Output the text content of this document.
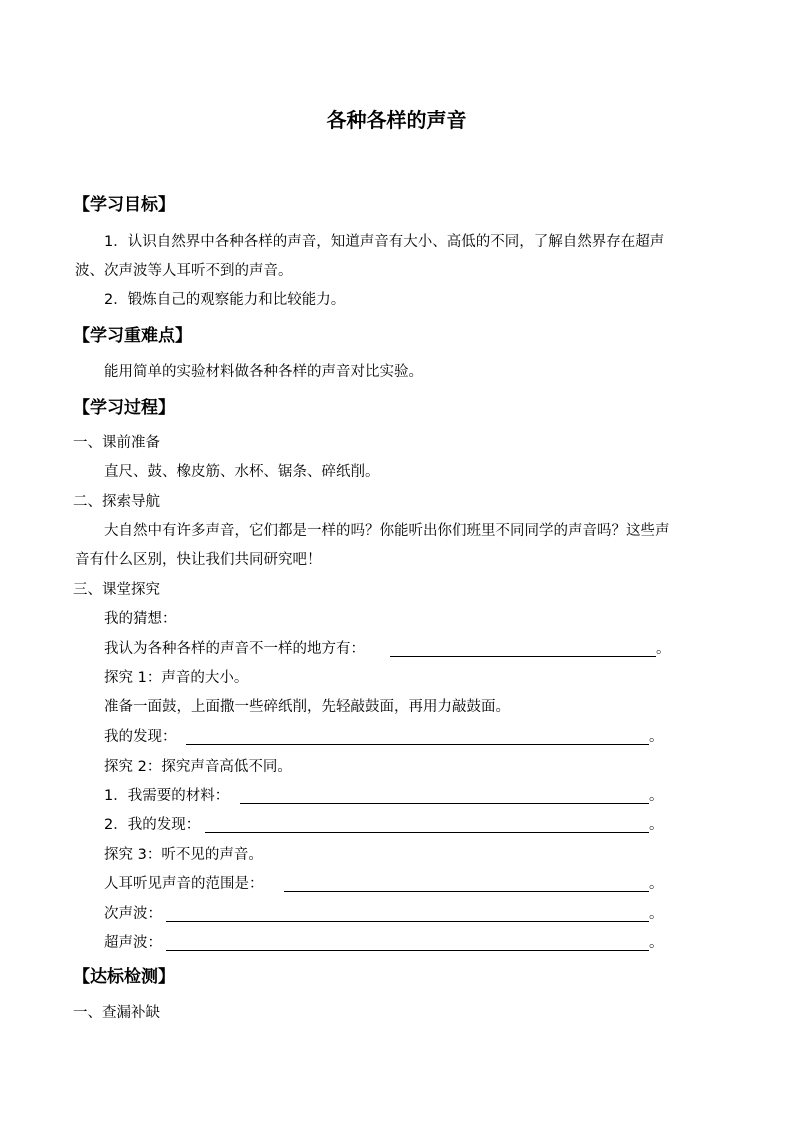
各种各样的声音
【学习目标】
1．认识自然界中各种各样的声音，知道声音有大小、高低的不同，了解自然界存在超声
波、次声波等人耳听不到的声音。
2．锻炼自己的观察能力和比较能力。
【学习重难点】
能用简单的实验材料做各种各样的声音对比实验。
【学习过程】
一、课前准备
直尺、鼓、橡皮筋、水杯、锯条、碎纸削。
二、探索导航
大自然中有许多声音，它们都是一样的吗？你能听出你们班里不同同学的声音吗？这些声
音有什么区别，快让我们共同研究吧！
三、课堂探究
我的猜想：
我认为各种各样的声音不一样的地方有：	。
探究 1：声音的大小。
准备一面鼓，上面撒一些碎纸削，先轻敲鼓面，再用力敲鼓面。
我的发现：	。
探究 2：探究声音高低不同。
1．我需要的材料：	。
2．我的发现：	。
探究 3：听不见的声音。
人耳听见声音的范围是：	。
次声波：	。
超声波：	。
【达标检测】
一、查漏补缺
